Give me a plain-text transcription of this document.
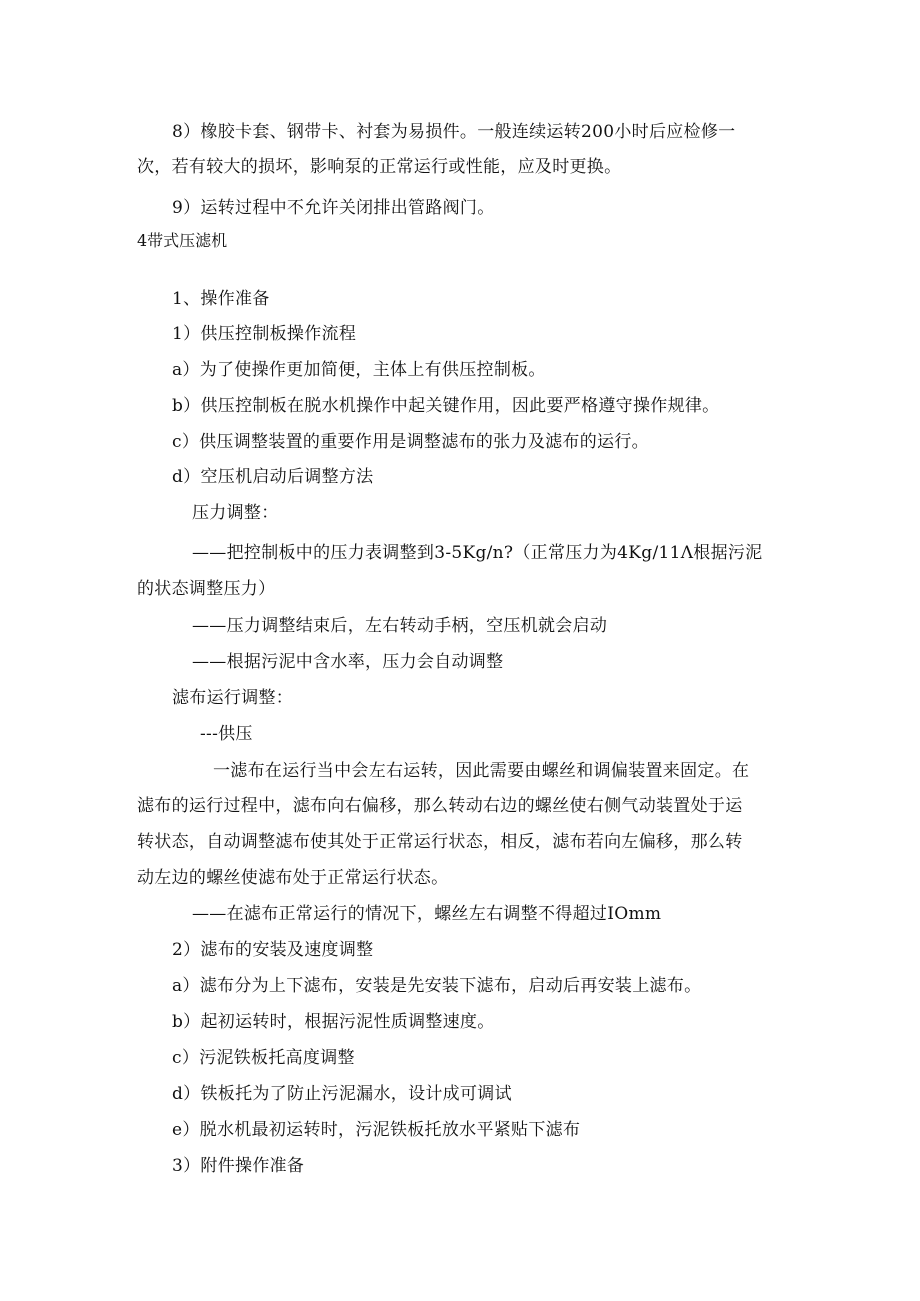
8）橡胶卡套、钢带卡、衬套为易损件。一般连续运转200小时后应检修一

次，若有较大的损坏，影响泵的正常运行或性能，应及时更换。

9）运转过程中不允许关闭排出管路阀门。

4带式压滤机

1、操作准备

1）供压控制板操作流程

a）为了使操作更加简便，主体上有供压控制板。

b）供压控制板在脱水机操作中起关键作用，因此要严格遵守操作规律。

c）供压调整装置的重要作用是调整滤布的张力及滤布的运行。

d）空压机启动后调整方法

压力调整：

——把控制板中的压力表调整到3-5Kg/n?（正常压力为4Kg/11Λ根据污泥

的状态调整压力）

——压力调整结束后，左右转动手柄，空压机就会启动

——根据污泥中含水率，压力会自动调整

滤布运行调整：

---供压

一滤布在运行当中会左右运转，因此需要由螺丝和调偏装置来固定。在

滤布的运行过程中，滤布向右偏移，那么转动右边的螺丝使右侧气动装置处于运

转状态，自动调整滤布使其处于正常运行状态，相反，滤布若向左偏移，那么转

动左边的螺丝使滤布处于正常运行状态。

——在滤布正常运行的情况下，螺丝左右调整不得超过IOmm

2）滤布的安装及速度调整

a）滤布分为上下滤布，安装是先安装下滤布，启动后再安装上滤布。

b）起初运转时，根据污泥性质调整速度。

c）污泥铁板托高度调整

d）铁板托为了防止污泥漏水，设计成可调试

e）脱水机最初运转时，污泥铁板托放水平紧贴下滤布

3）附件操作准备
